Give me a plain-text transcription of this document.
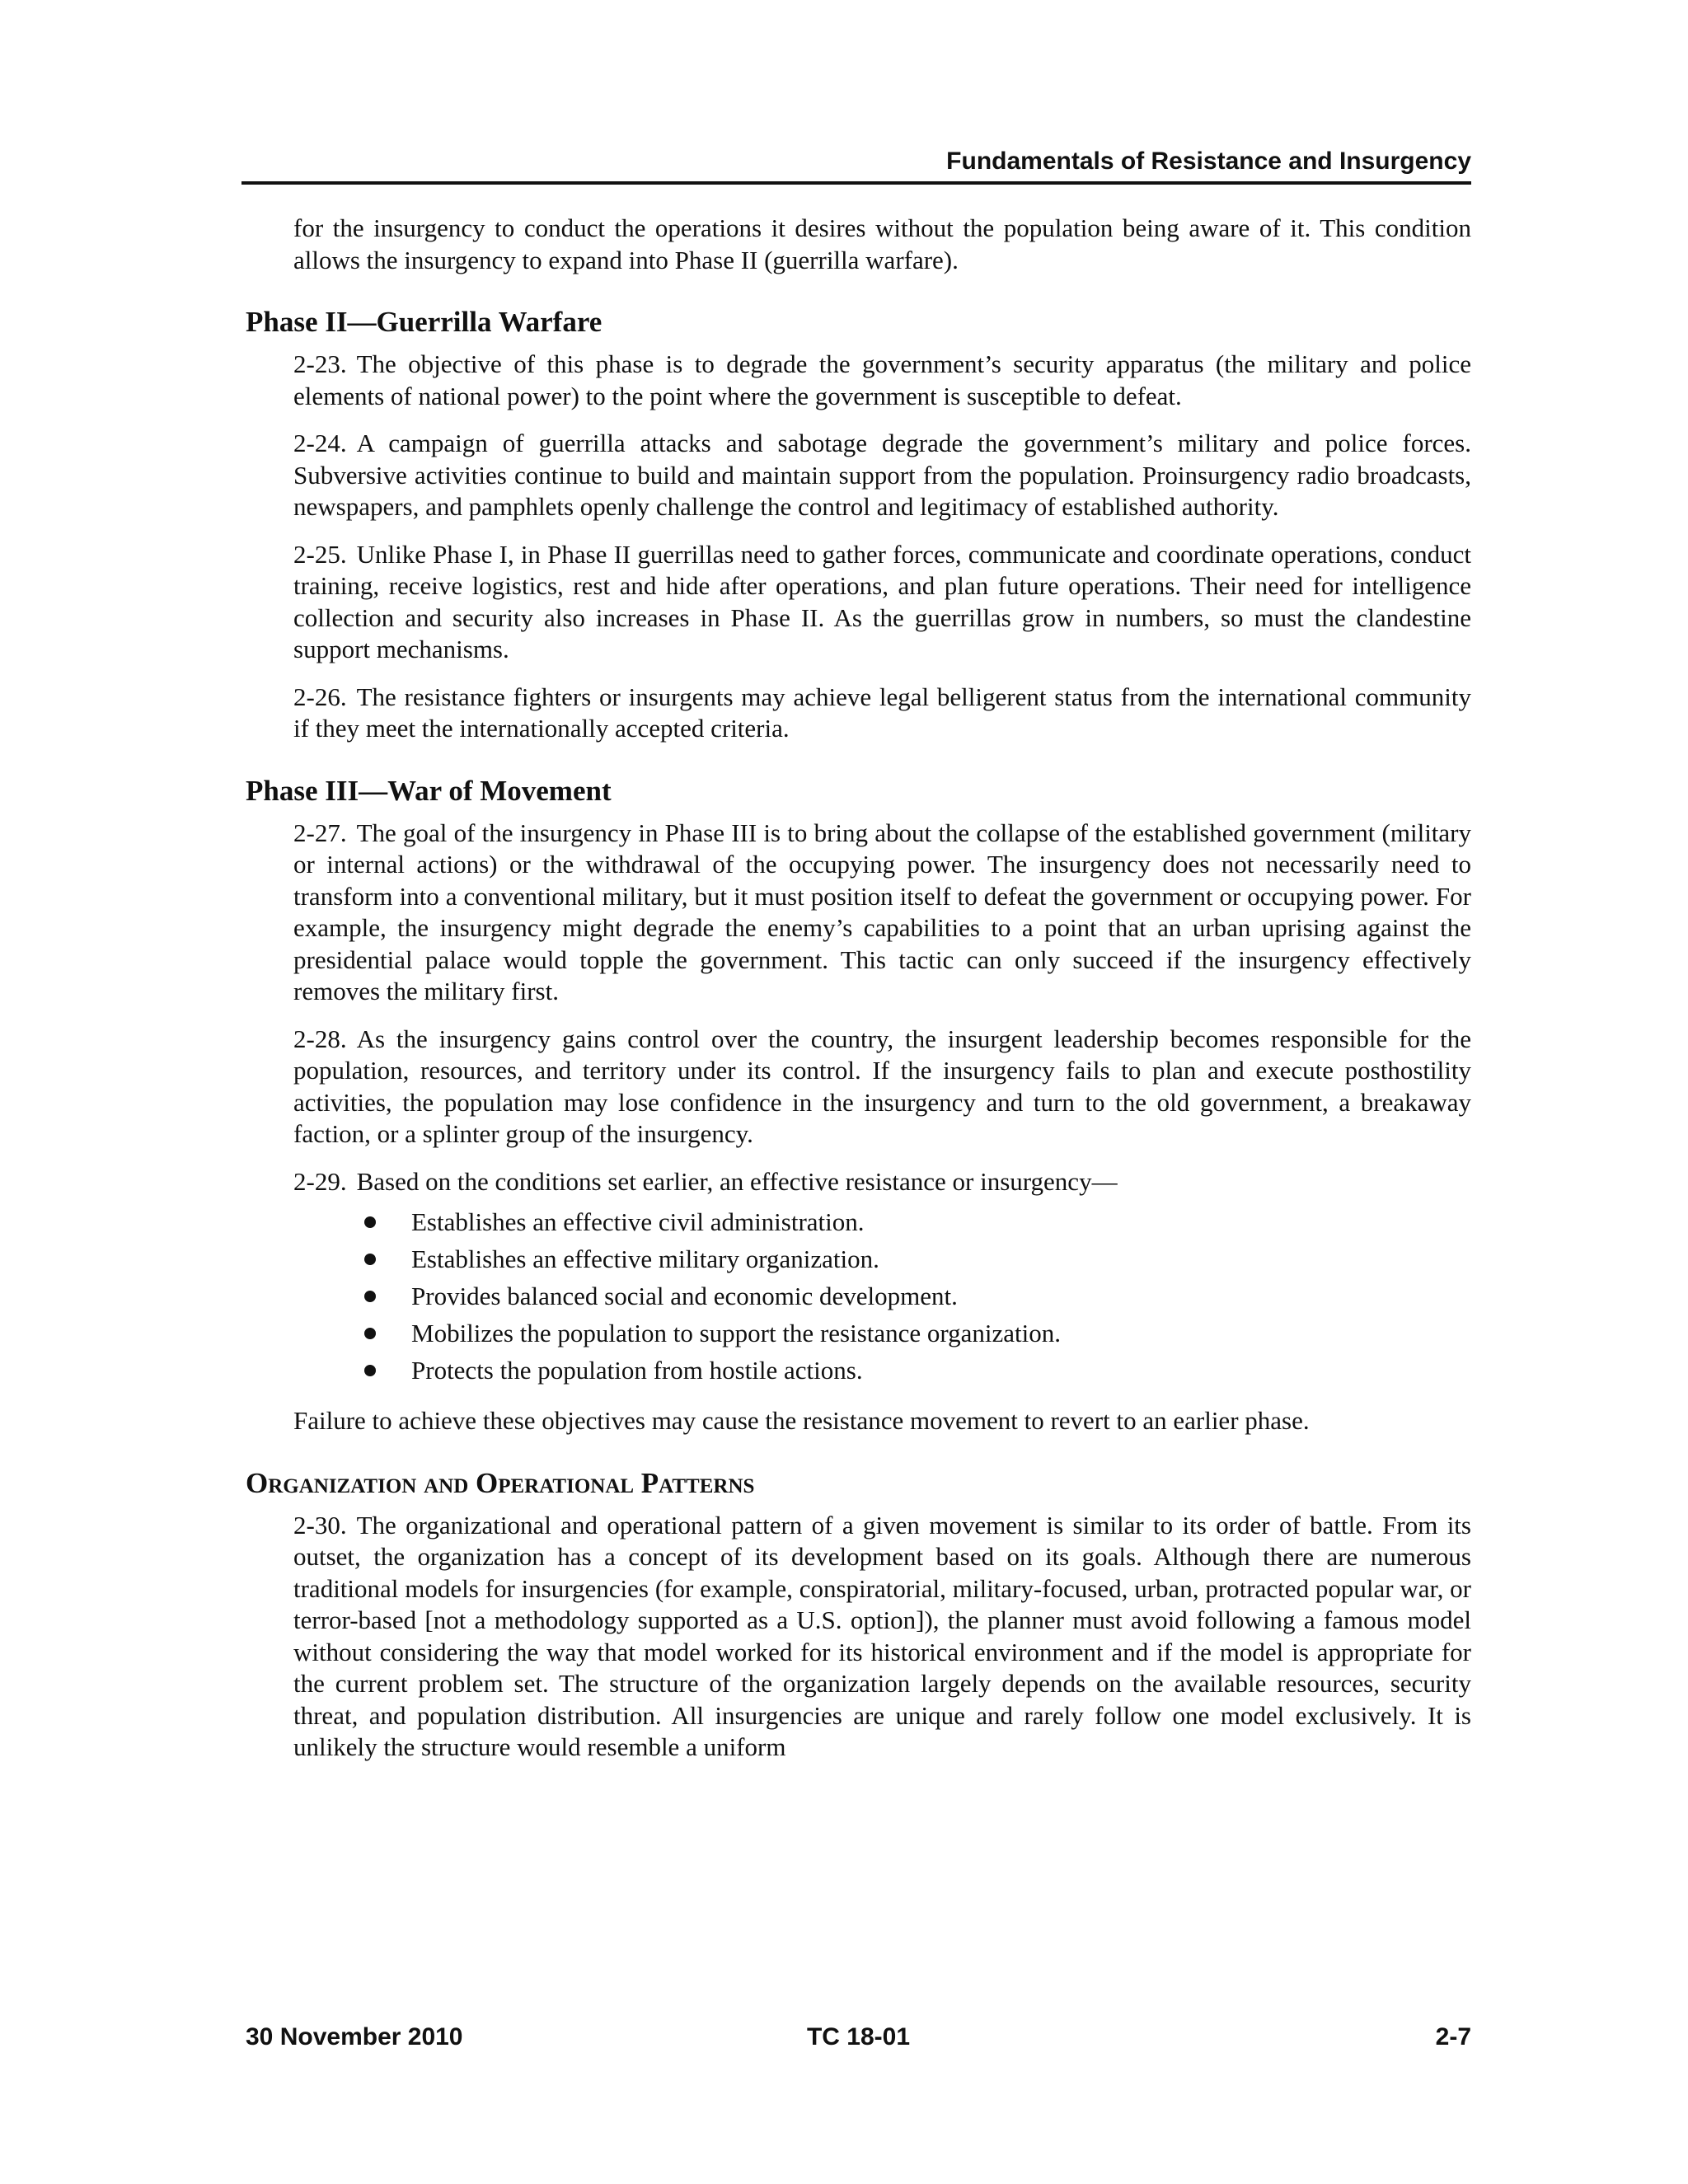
Fundamentals of Resistance and Insurgency

for the insurgency to conduct the operations it desires without the population being aware of it. This condition allows the insurgency to expand into Phase II (guerrilla warfare).

Phase II—Guerrilla Warfare

2-23. The objective of this phase is to degrade the government’s security apparatus (the military and police elements of national power) to the point where the government is susceptible to defeat.

2-24. A campaign of guerrilla attacks and sabotage degrade the government’s military and police forces. Subversive activities continue to build and maintain support from the population. Proinsurgency radio broadcasts, newspapers, and pamphlets openly challenge the control and legitimacy of established authority.

2-25. Unlike Phase I, in Phase II guerrillas need to gather forces, communicate and coordinate operations, conduct training, receive logistics, rest and hide after operations, and plan future operations. Their need for intelligence collection and security also increases in Phase II. As the guerrillas grow in numbers, so must the clandestine support mechanisms.

2-26. The resistance fighters or insurgents may achieve legal belligerent status from the international community if they meet the internationally accepted criteria.

Phase III—War of Movement

2-27. The goal of the insurgency in Phase III is to bring about the collapse of the established government (military or internal actions) or the withdrawal of the occupying power. The insurgency does not necessarily need to transform into a conventional military, but it must position itself to defeat the government or occupying power. For example, the insurgency might degrade the enemy’s capabilities to a point that an urban uprising against the presidential palace would topple the government. This tactic can only succeed if the insurgency effectively removes the military first.

2-28. As the insurgency gains control over the country, the insurgent leadership becomes responsible for the population, resources, and territory under its control. If the insurgency fails to plan and execute posthostility activities, the population may lose confidence in the insurgency and turn to the old government, a breakaway faction, or a splinter group of the insurgency.

2-29. Based on the conditions set earlier, an effective resistance or insurgency—

Establishes an effective civil administration.
Establishes an effective military organization.
Provides balanced social and economic development.
Mobilizes the population to support the resistance organization.
Protects the population from hostile actions.

Failure to achieve these objectives may cause the resistance movement to revert to an earlier phase.

Organization and Operational Patterns

2-30. The organizational and operational pattern of a given movement is similar to its order of battle. From its outset, the organization has a concept of its development based on its goals. Although there are numerous traditional models for insurgencies (for example, conspiratorial, military-focused, urban, protracted popular war, or terror-based [not a methodology supported as a U.S. option]), the planner must avoid following a famous model without considering the way that model worked for its historical environment and if the model is appropriate for the current problem set. The structure of the organization largely depends on the available resources, security threat, and population distribution. All insurgencies are unique and rarely follow one model exclusively. It is unlikely the structure would resemble a uniform

30 November 2010	TC 18-01	2-7
